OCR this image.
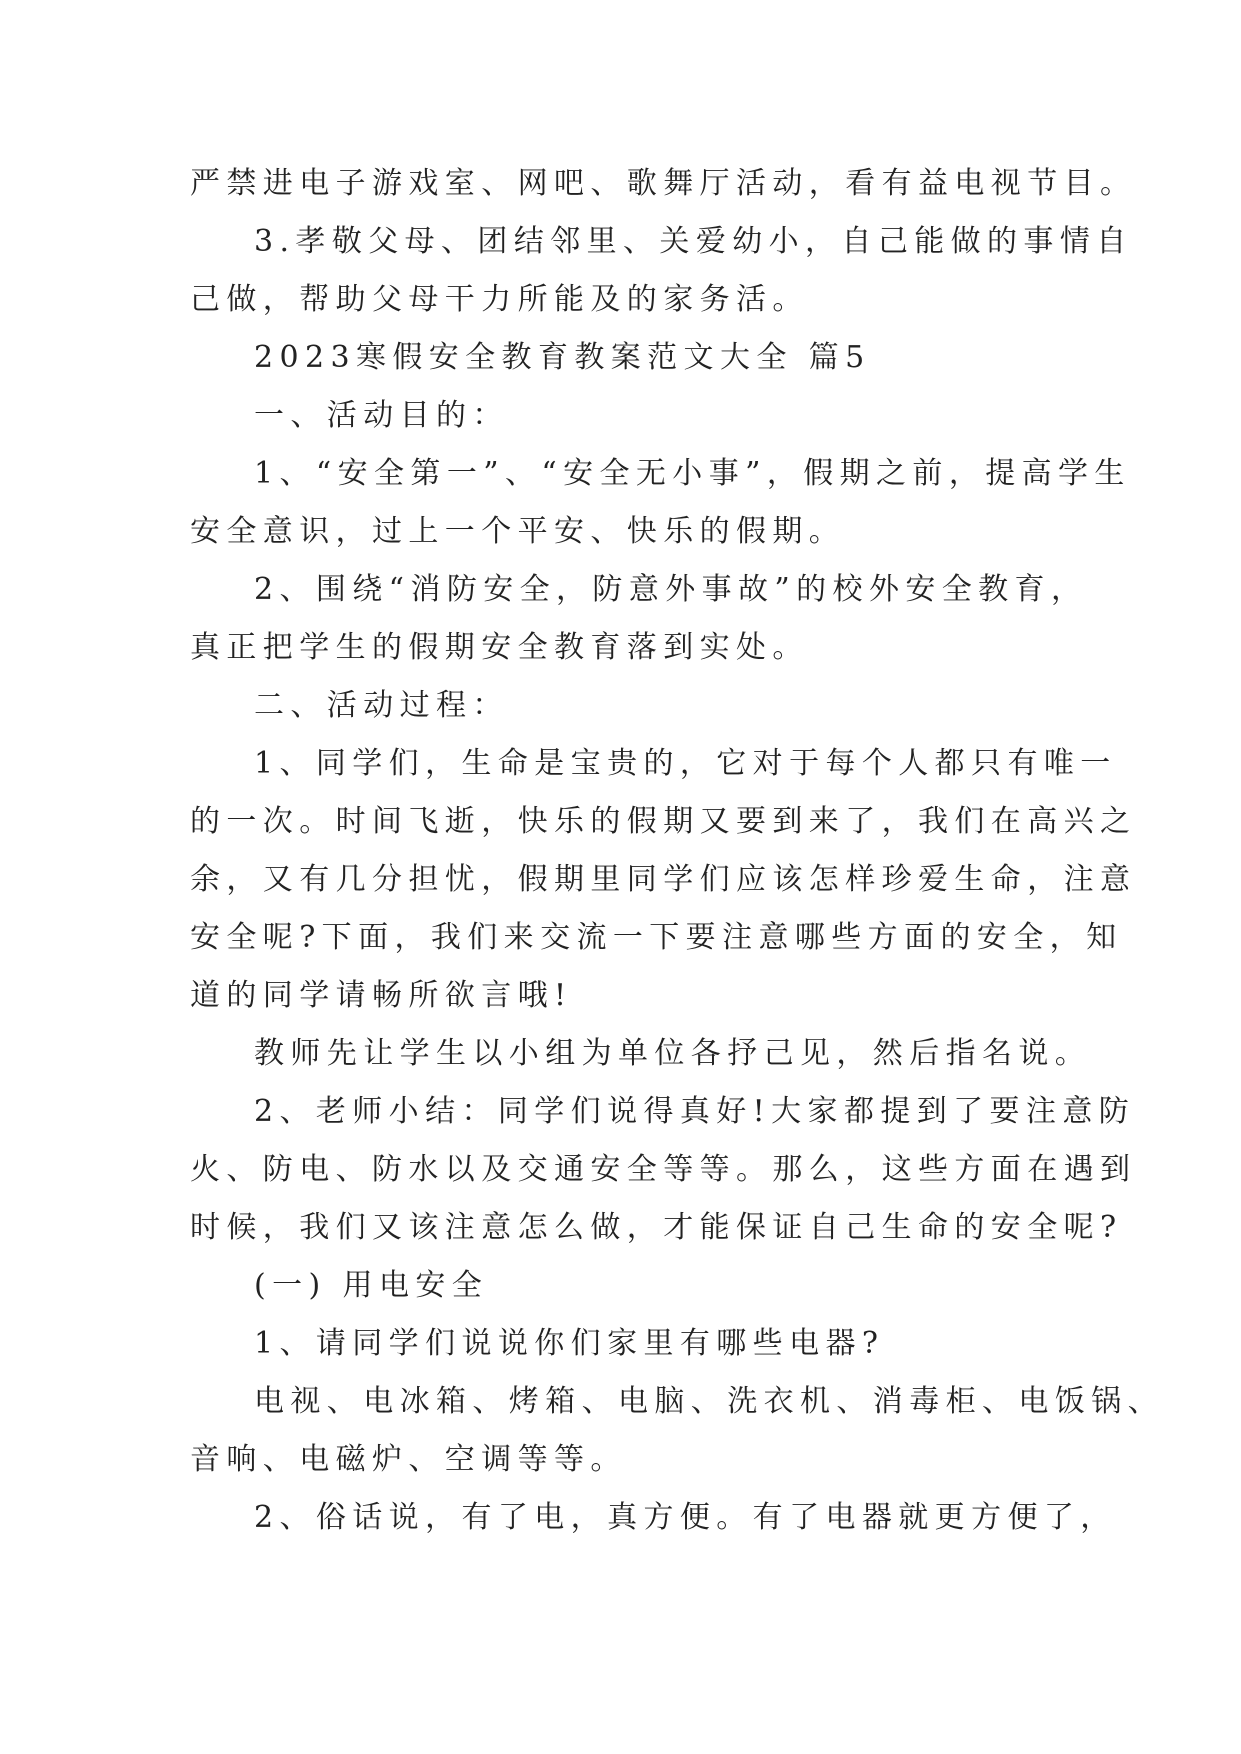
严禁进电子游戏室、网吧、歌舞厅活动，看有益电视节目。
3.孝敬父母、团结邻里、关爱幼小，自己能做的事情自
己做，帮助父母干力所能及的家务活。
2023寒假安全教育教案范文大全 篇5
一、活动目的：
1、“安全第一”、“安全无小事”，假期之前，提高学生
安全意识，过上一个平安、快乐的假期。
2、围绕“消防安全，防意外事故”的校外安全教育，
真正把学生的假期安全教育落到实处。
二、活动过程：
1、同学们，生命是宝贵的，它对于每个人都只有唯一
的一次。时间飞逝，快乐的假期又要到来了，我们在高兴之
余，又有几分担忧，假期里同学们应该怎样珍爱生命，注意
安全呢?下面，我们来交流一下要注意哪些方面的安全，知
道的同学请畅所欲言哦!
教师先让学生以小组为单位各抒己见，然后指名说。
2、老师小结：同学们说得真好!大家都提到了要注意防
火、防电、防水以及交通安全等等。那么，这些方面在遇到
时候，我们又该注意怎么做，才能保证自己生命的安全呢?
(一) 用电安全
1、请同学们说说你们家里有哪些电器?
电视、电冰箱、烤箱、电脑、洗衣机、消毒柜、电饭锅、
音响、电磁炉、空调等等。
2、俗话说，有了电，真方便。有了电器就更方便了，
